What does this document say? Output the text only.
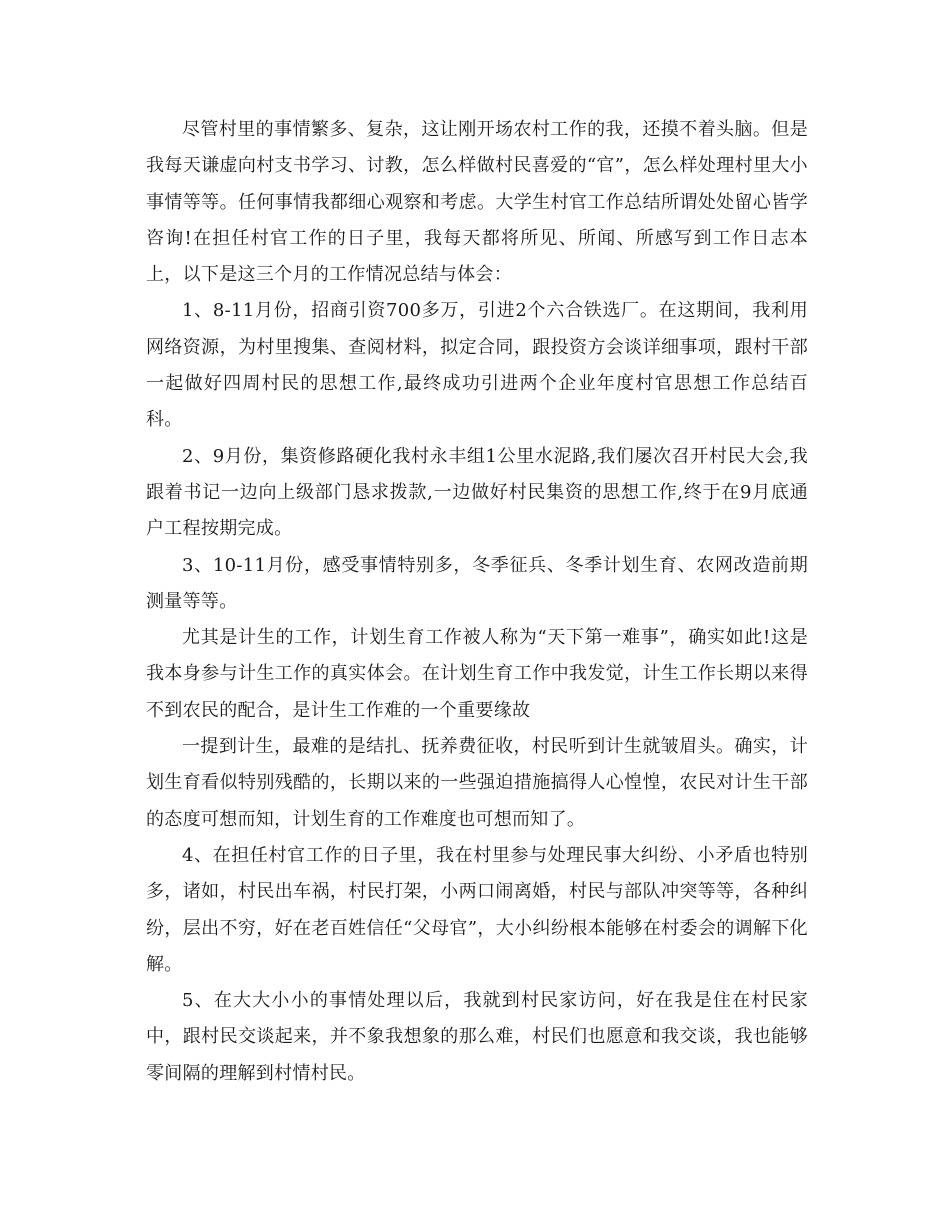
尽管村里的事情繁多、复杂，这让刚开场农村工作的我，还摸不着头脑。但是我每天谦虚向村支书学习、讨教，怎么样做村民喜爱的“官”，怎么样处理村里大小事情等等。任何事情我都细心观察和考虑。大学生村官工作总结所谓处处留心皆学咨询!在担任村官工作的日子里，我每天都将所见、所闻、所感写到工作日志本上，以下是这三个月的工作情况总结与体会：

1、8-11月份，招商引资700多万，引进2个六合铁选厂。在这期间，我利用网络资源，为村里搜集、查阅材料，拟定合同，跟投资方会谈详细事项，跟村干部一起做好四周村民的思想工作,最终成功引进两个企业年度村官思想工作总结百科。

2、9月份，集资修路硬化我村永丰组1公里水泥路,我们屡次召开村民大会,我跟着书记一边向上级部门恳求拨款,一边做好村民集资的思想工作,终于在9月底通户工程按期完成。

3、10-11月份，感受事情特别多，冬季征兵、冬季计划生育、农网改造前期测量等等。

尤其是计生的工作，计划生育工作被人称为“天下第一难事”，确实如此!这是我本身参与计生工作的真实体会。在计划生育工作中我发觉，计生工作长期以来得不到农民的配合，是计生工作难的一个重要缘故

一提到计生，最难的是结扎、抚养费征收，村民听到计生就皱眉头。确实，计划生育看似特别残酷的，长期以来的一些强迫措施搞得人心惶惶，农民对计生干部的态度可想而知，计划生育的工作难度也可想而知了。

4、在担任村官工作的日子里，我在村里参与处理民事大纠纷、小矛盾也特别多，诸如，村民出车祸，村民打架，小两口闹离婚，村民与部队冲突等等，各种纠纷，层出不穷，好在老百姓信任“父母官”，大小纠纷根本能够在村委会的调解下化解。

5、在大大小小的事情处理以后，我就到村民家访问，好在我是住在村民家中，跟村民交谈起来，并不象我想象的那么难，村民们也愿意和我交谈，我也能够零间隔的理解到村情村民。
